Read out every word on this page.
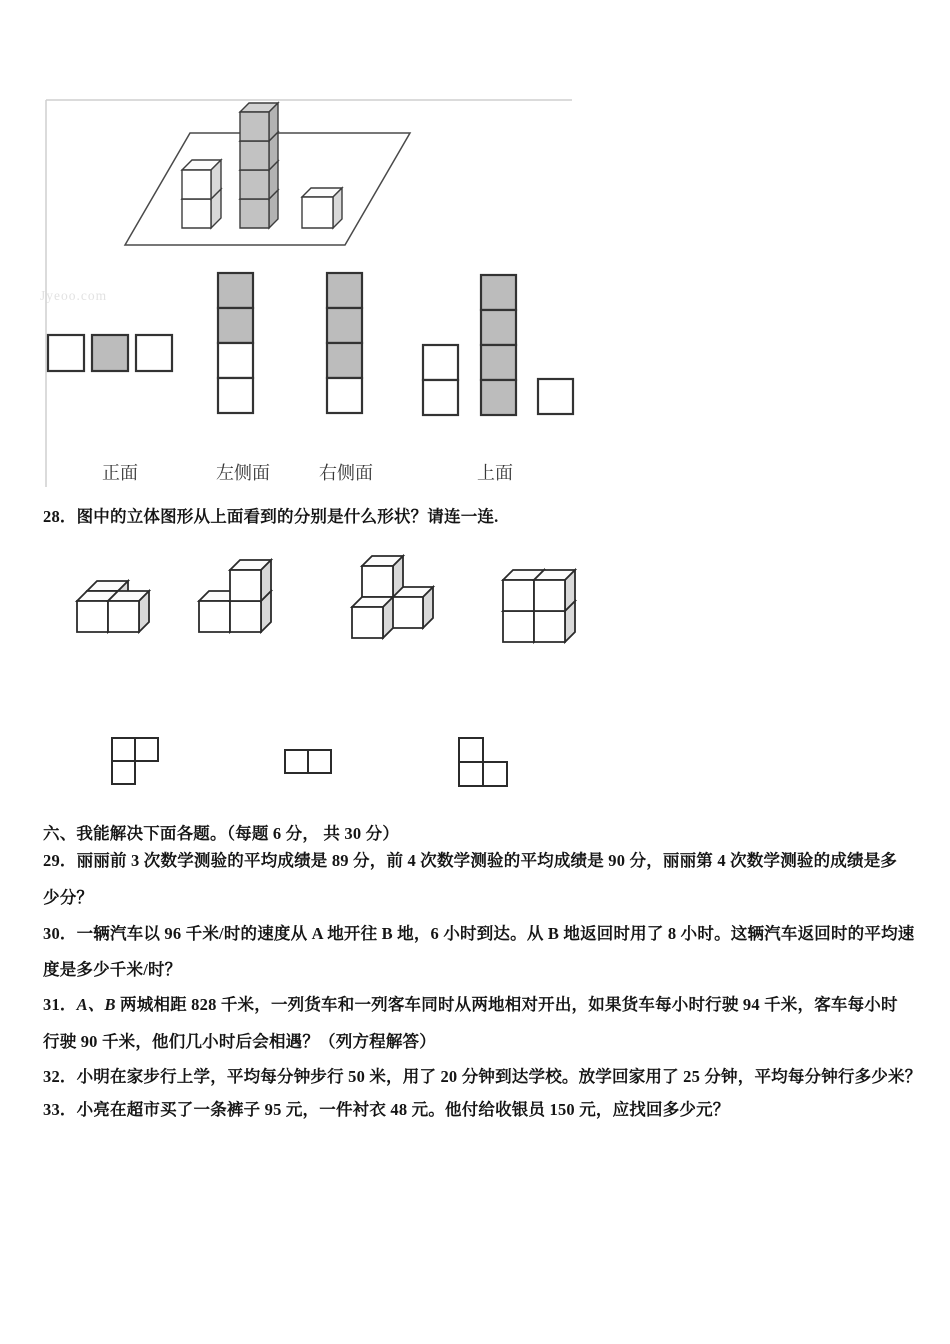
Jyeoo.com
正面	左侧面	右侧面	上面
28．图中的立体图形从上面看到的分别是什么形状？请连一连.
六、我能解决下面各题。（每题 6 分， 共 30 分）
29．丽丽前 3 次数学测验的平均成绩是 89 分，前 4 次数学测验的平均成绩是 90 分，丽丽第 4 次数学测验的成绩是多
少分？
30．一辆汽车以 96 千米/时的速度从 A 地开往 B 地，6 小时到达。从 B 地返回时用了 8 小时。这辆汽车返回时的平均速
度是多少千米/时？
31．A、B 两城相距 828 千米，一列货车和一列客车同时从两地相对开出，如果货车每小时行驶 94 千米，客车每小时
行驶 90 千米，他们几小时后会相遇？（列方程解答）
32．小明在家步行上学，平均每分钟步行 50 米，用了 20 分钟到达学校。放学回家用了 25 分钟，平均每分钟行多少米？
33．小亮在超市买了一条裤子 95 元，一件衬衣 48 元。他付给收银员 150 元，应找回多少元？
